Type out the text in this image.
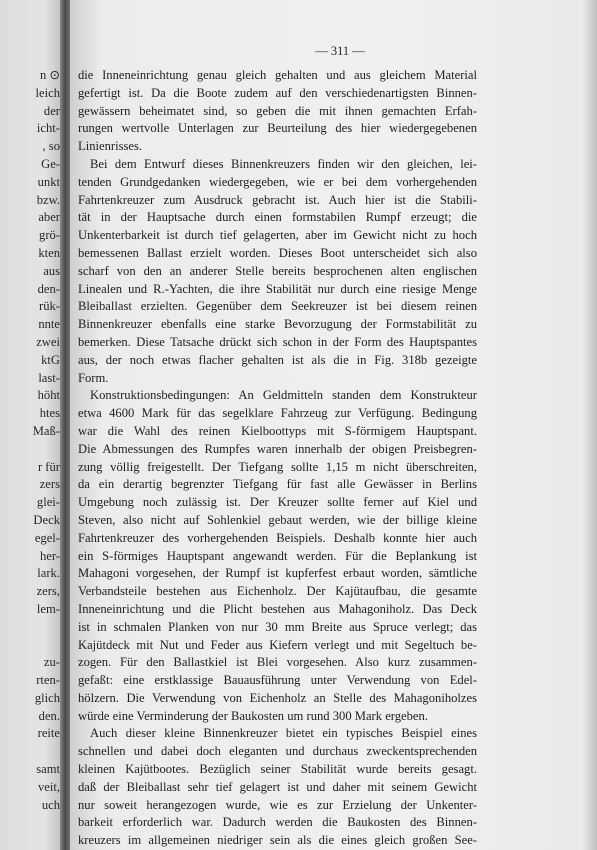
n ⊙
leich
der
icht-
, so
Ge-
unkt
bzw.
aber
grö-
kten
aus
den-
rük-
nnte
zwei
ktG
last-
höht
htes
Maß-
r für
zers
glei-
Deck
egel-
her-
lark.
zers,
lem-
zu-
rten-
glich
den.
reite
samt
veit,
uch
— 311 —
die Inneneinrichtung genau gleich gehalten und aus gleichem Material
gefertigt ist. Da die Boote zudem auf den verschiedenartigsten Binnen-
gewässern beheimatet sind, so geben die mit ihnen gemachten Erfah-
rungen wertvolle Unterlagen zur Beurteilung des hier wiedergegebenen
Linienrisses.
Bei dem Entwurf dieses Binnenkreuzers finden wir den gleichen, lei-
tenden Grundgedanken wiedergegeben, wie er bei dem vorhergehenden
Fahrtenkreuzer zum Ausdruck gebracht ist. Auch hier ist die Stabili-
tät in der Hauptsache durch einen formstabilen Rumpf erzeugt; die
Unkenterbarkeit ist durch tief gelagerten, aber im Gewicht nicht zu hoch
bemessenen Ballast erzielt worden. Dieses Boot unterscheidet sich also
scharf von den an anderer Stelle bereits besprochenen alten englischen
Linealen und R.-Yachten, die ihre Stabilität nur durch eine riesige Menge
Bleiballast erzielten. Gegenüber dem Seekreuzer ist bei diesem reinen
Binnenkreuzer ebenfalls eine starke Bevorzugung der Formstabilität zu
bemerken. Diese Tatsache drückt sich schon in der Form des Hauptspantes
aus, der noch etwas flacher gehalten ist als die in Fig. 318b gezeigte
Form.
Konstruktionsbedingungen: An Geldmitteln standen dem Konstrukteur
etwa 4600 Mark für das segelklare Fahrzeug zur Verfügung. Bedingung
war die Wahl des reinen Kielboottyps mit S-förmigem Hauptspant.
Die Abmessungen des Rumpfes waren innerhalb der obigen Preisbegren-
zung völlig freigestellt. Der Tiefgang sollte 1,15 m nicht überschreiten,
da ein derartig begrenzter Tiefgang für fast alle Gewässer in Berlins
Umgebung noch zulässig ist. Der Kreuzer sollte ferner auf Kiel und
Steven, also nicht auf Sohlenkiel gebaut werden, wie der billige kleine
Fahrtenkreuzer des vorhergehenden Beispiels. Deshalb konnte hier auch
ein S-förmiges Hauptspant angewandt werden. Für die Beplankung ist
Mahagoni vorgesehen, der Rumpf ist kupferfest erbaut worden, sämtliche
Verbandsteile bestehen aus Eichenholz. Der Kajütaufbau, die gesamte
Inneneinrichtung und die Plicht bestehen aus Mahagoniholz. Das Deck
ist in schmalen Planken von nur 30 mm Breite aus Spruce verlegt; das
Kajütdeck mit Nut und Feder aus Kiefern verlegt und mit Segeltuch be-
zogen. Für den Ballastkiel ist Blei vorgesehen. Also kurz zusammen-
gefaßt: eine erstklassige Bauausführung unter Verwendung von Edel-
hölzern. Die Verwendung von Eichenholz an Stelle des Mahagoniholzes
würde eine Verminderung der Baukosten um rund 300 Mark ergeben.
Auch dieser kleine Binnenkreuzer bietet ein typisches Beispiel eines
schnellen und dabei doch eleganten und durchaus zweckentsprechenden
kleinen Kajütbootes. Bezüglich seiner Stabilität wurde bereits gesagt.
daß der Bleiballast sehr tief gelagert ist und daher mit seinem Gewicht
nur soweit herangezogen wurde, wie es zur Erzielung der Unkenter-
barkeit erforderlich war. Dadurch werden die Baukosten des Binnen-
kreuzers im allgemeinen niedriger sein als die eines gleich großen See-
